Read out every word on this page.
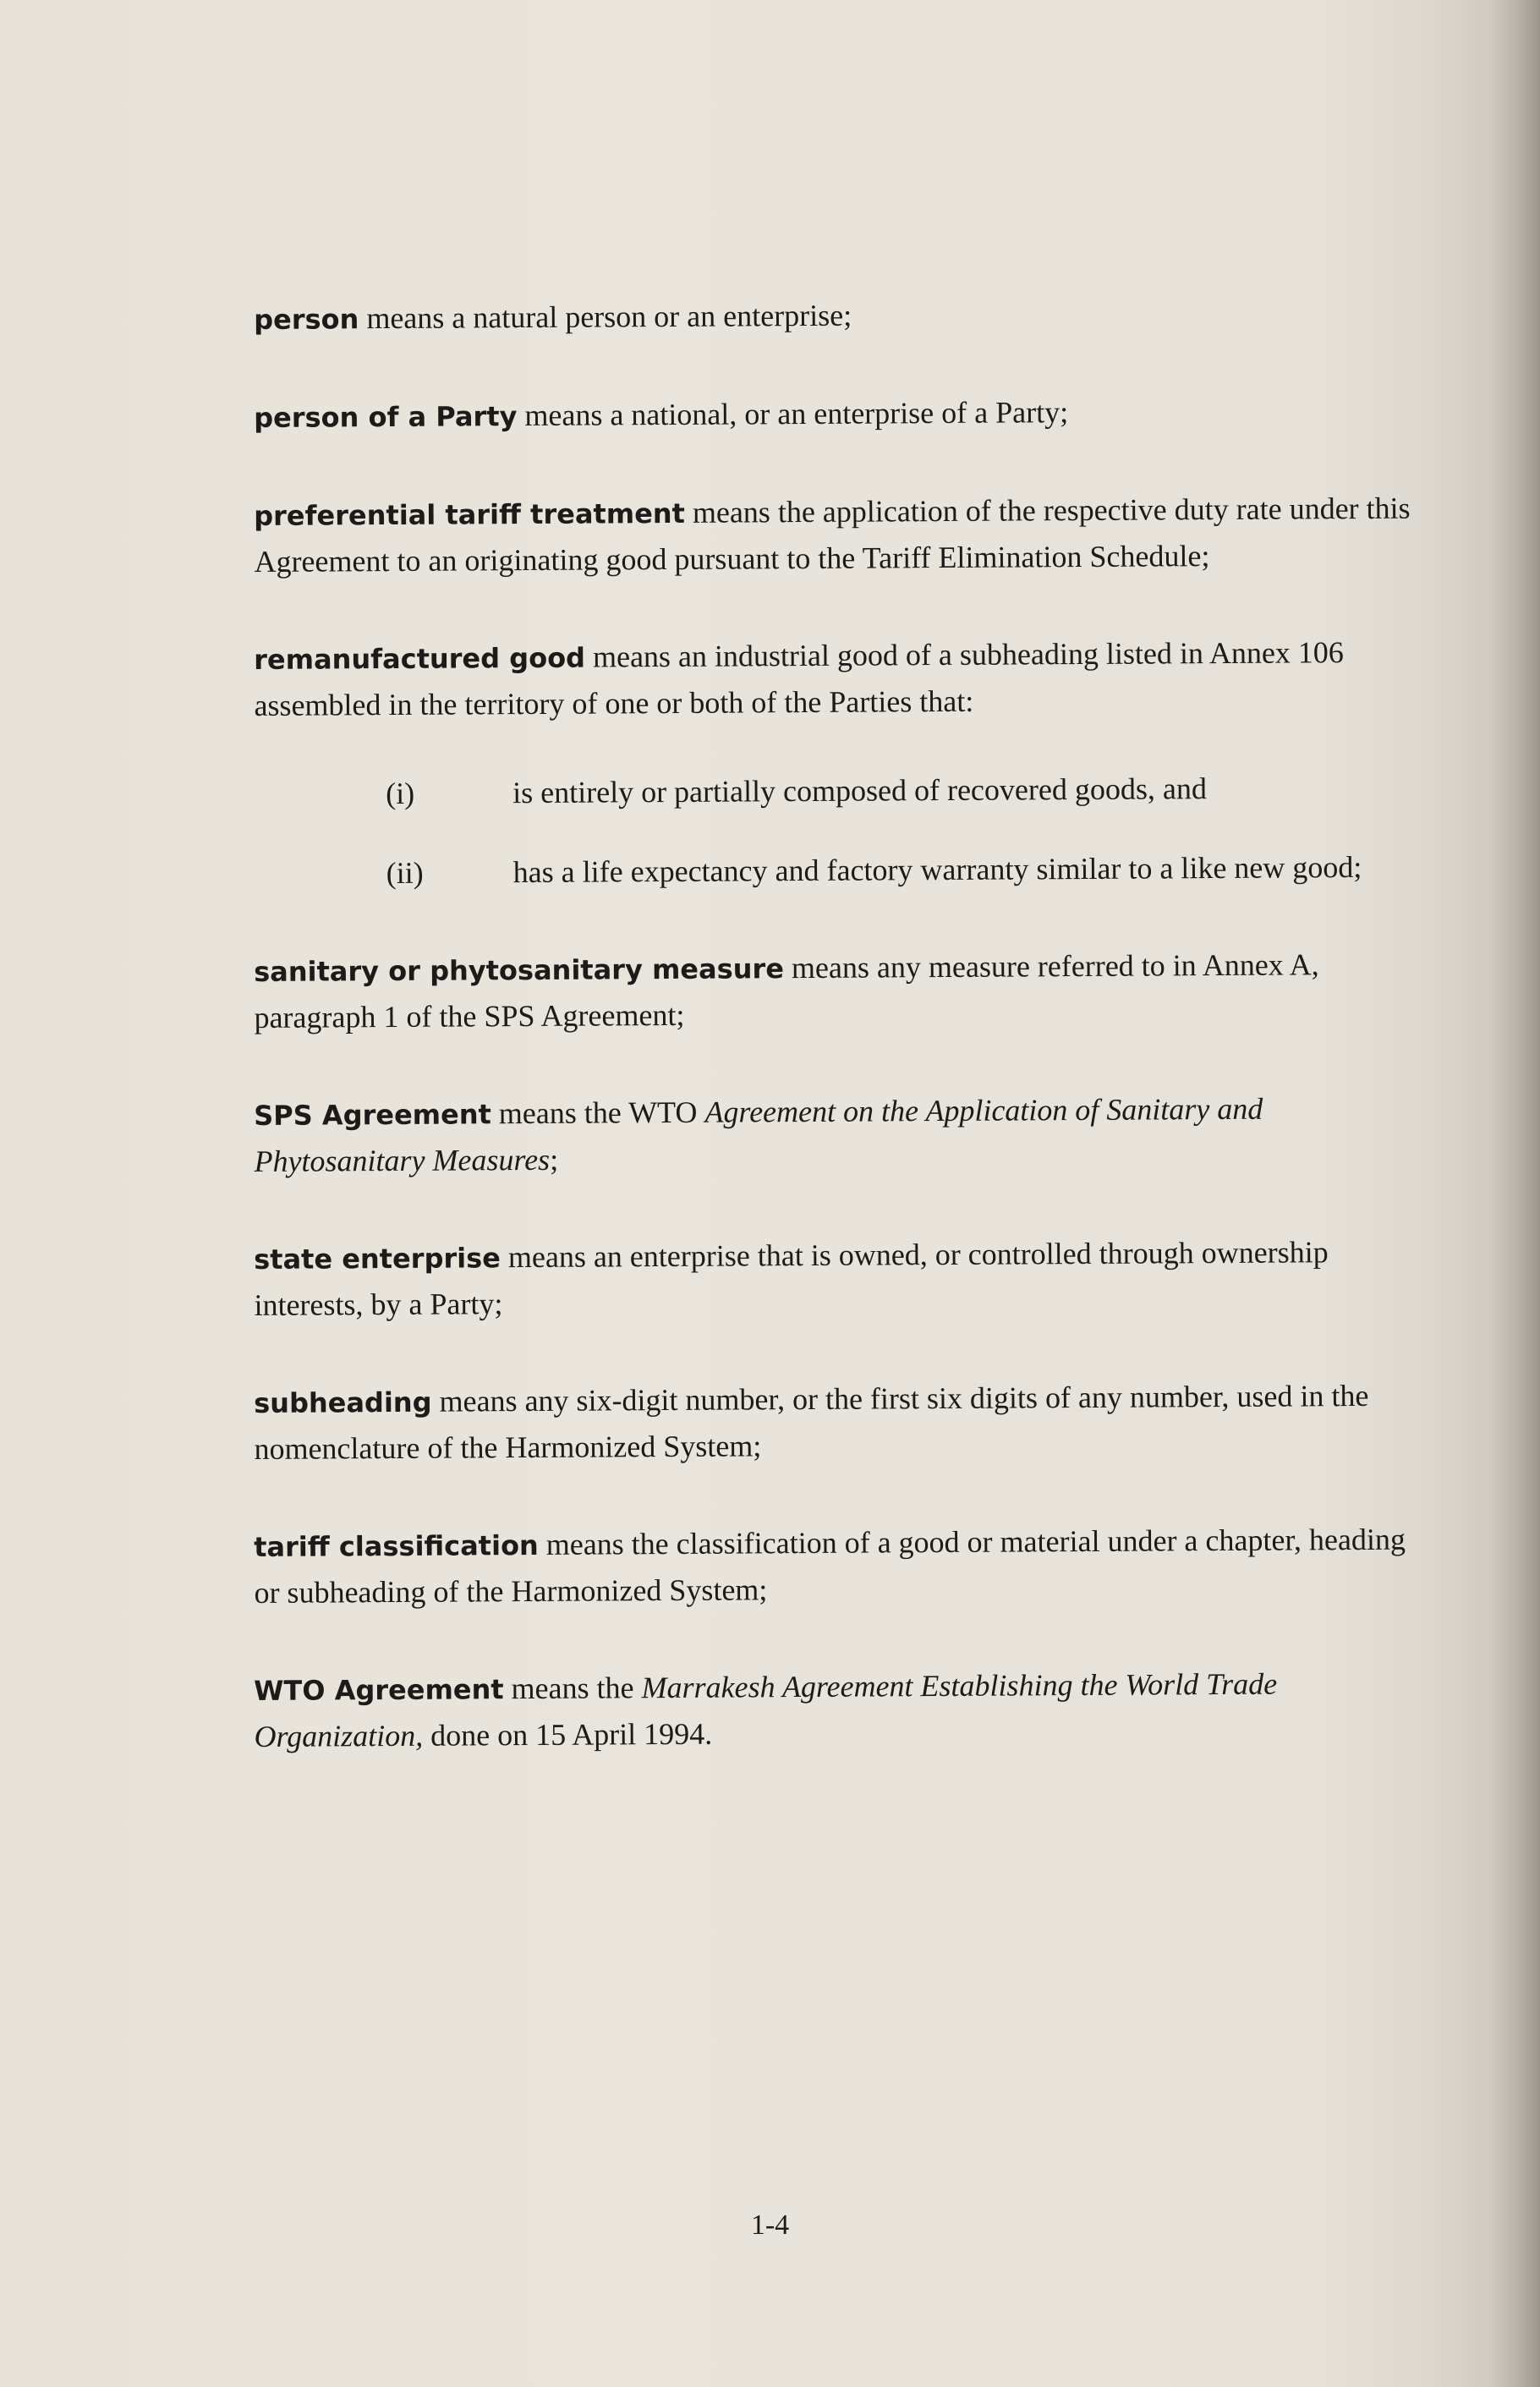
person means a natural person or an enterprise;

person of a Party means a national, or an enterprise of a Party;

preferential tariff treatment means the application of the respective duty rate under this Agreement to an originating good pursuant to the Tariff Elimination Schedule;

remanufactured good means an industrial good of a subheading listed in Annex 106 assembled in the territory of one or both of the Parties that:

(i)	is entirely or partially composed of recovered goods, and
(ii)	has a life expectancy and factory warranty similar to a like new good;

sanitary or phytosanitary measure means any measure referred to in Annex A, paragraph 1 of the SPS Agreement;

SPS Agreement means the WTO Agreement on the Application of Sanitary and Phytosanitary Measures;

state enterprise means an enterprise that is owned, or controlled through ownership interests, by a Party;

subheading means any six-digit number, or the first six digits of any number, used in the nomenclature of the Harmonized System;

tariff classification means the classification of a good or material under a chapter, heading or subheading of the Harmonized System;

WTO Agreement means the Marrakesh Agreement Establishing the World Trade Organization, done on 15 April 1994.

1-4
